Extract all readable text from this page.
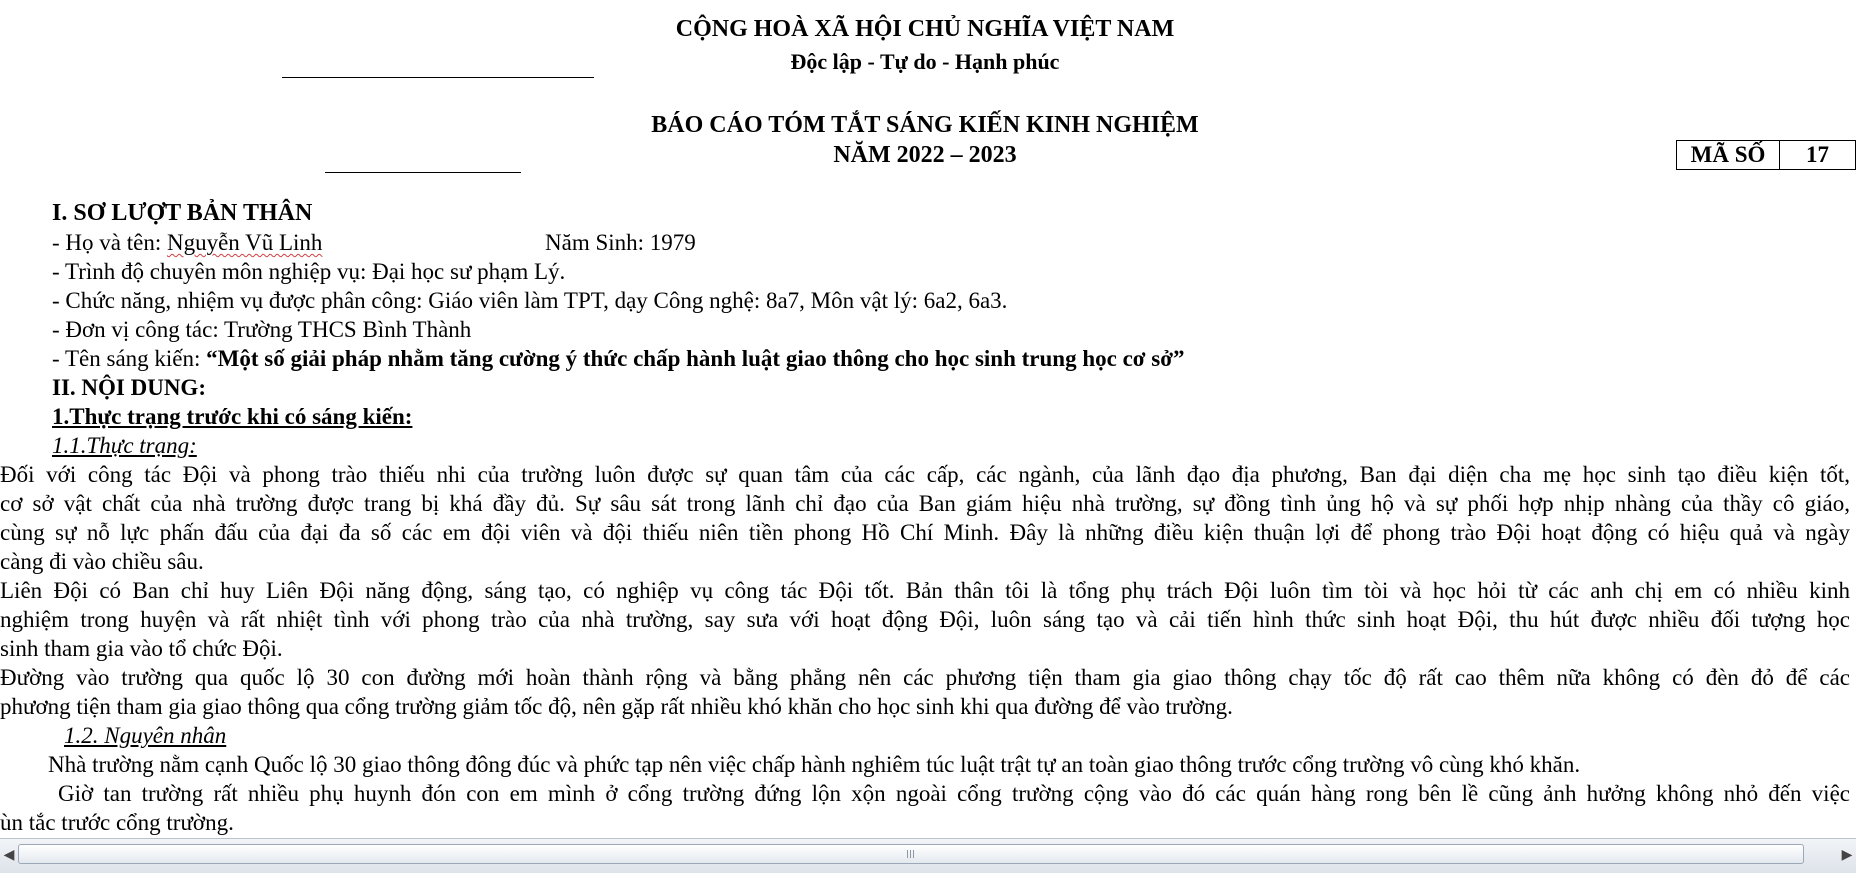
CỘNG HOÀ XÃ HỘI CHỦ NGHĨA VIỆT NAM
Độc lập - Tự do - Hạnh phúc
BÁO CÁO TÓM TẮT SÁNG KIẾN KINH NGHIỆM
NĂM 2022 – 2023	MÃ SỐ	17
I. SƠ LƯỢT BẢN THÂN
- Họ và tên: Nguyễn Vũ Linh	Năm Sinh: 1979
- Trình độ chuyên môn nghiệp vụ: Đại học sư phạm Lý.
- Chức năng, nhiệm vụ được phân công: Giáo viên làm TPT, dạy Công nghệ: 8a7, Môn vật lý: 6a2, 6a3.
- Đơn vị công tác: Trường THCS Bình Thành
- Tên sáng kiến: “Một số giải pháp nhằm tăng cường ý thức chấp hành luật giao thông cho học sinh trung học cơ sở”
II. NỘI DUNG:
1.Thực trạng trước khi có sáng kiến:
1.1.Thực trạng:
Đối với công tác Đội và phong trào thiếu nhi của trường luôn được sự quan tâm của các cấp, các ngành, của lãnh đạo địa phương, Ban đại diện cha mẹ học sinh tạo điều kiện tốt,
cơ sở vật chất của nhà trường được trang bị khá đầy đủ. Sự sâu sát trong lãnh chỉ đạo của Ban giám hiệu nhà trường, sự đồng tình ủng hộ và sự phối hợp nhịp nhàng của thầy cô giáo,
cùng sự nỗ lực phấn đấu của đại đa số các em đội viên và đội thiếu niên tiền phong Hồ Chí Minh. Đây là những điều kiện thuận lợi để phong trào Đội hoạt động có hiệu quả và ngày
càng đi vào chiều sâu.
Liên Đội có Ban chỉ huy Liên Đội năng động, sáng tạo, có nghiệp vụ công tác Đội tốt. Bản thân tôi là tổng phụ trách Đội luôn tìm tòi và học hỏi từ các anh chị em có nhiều kinh
nghiệm trong huyện và rất nhiệt tình với phong trào của nhà trường, say sưa với hoạt động Đội, luôn sáng tạo và cải tiến hình thức sinh hoạt Đội, thu hút được nhiều đối tượng học
sinh tham gia vào tổ chức Đội.
Đường vào trường qua quốc lộ 30 con đường mới hoàn thành rộng và bằng phẳng nên các phương tiện tham gia giao thông chạy tốc độ rất cao thêm nữa không có đèn đỏ để các
phương tiện tham gia giao thông qua cổng trường giảm tốc độ, nên gặp rất nhiều khó khăn cho học sinh khi qua đường để vào trường.
1.2. Nguyên nhân
Nhà trường nằm cạnh Quốc lộ 30 giao thông đông đúc và phức tạp nên việc chấp hành nghiêm túc luật trật tự an toàn giao thông trước cổng trường vô cùng khó khăn.
Giờ tan trường rất nhiều phụ huynh đón con em mình ở cổng trường đứng lộn xộn ngoài cổng trường cộng vào đó các quán hàng rong bên lề cũng ảnh hưởng không nhỏ đến việc
ùn tắc trước cổng trường.
◀	▶
